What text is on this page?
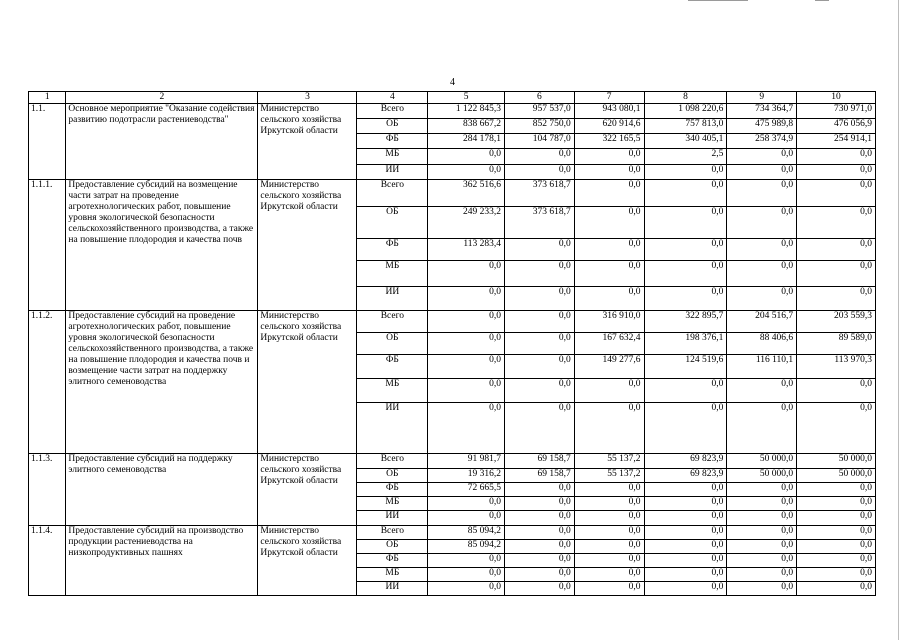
4
1	2	3	4	5	6	7	8	9	10
1.1.	Основное мероприятие "Оказание содействия развитию подотрасли растениеводства"	Министерство сельского хозяйства Иркутской области	Всего	1 122 845,3	957 537,0	943 080,1	1 098 220,6	734 364,7	730 971,0
			ОБ	838 667,2	852 750,0	620 914,6	757 813,0	475 989,8	476 056,9
			ФБ	284 178,1	104 787,0	322 165,5	340 405,1	258 374,9	254 914,1
			МБ	0,0	0,0	0,0	2,5	0,0	0,0
			ИИ	0,0	0,0	0,0	0,0	0,0	0,0
1.1.1.	Предоставление субсидий на возмещение части затрат на проведение агротехнологических работ, повышение уровня экологической безопасности сельскохозяйственного производства, а также на повышение плодородия и качества почв	Министерство сельского хозяйства Иркутской области	Всего	362 516,6	373 618,7	0,0	0,0	0,0	0,0
			ОБ	249 233,2	373 618,7	0,0	0,0	0,0	0,0
			ФБ	113 283,4	0,0	0,0	0,0	0,0	0,0
			МБ	0,0	0,0	0,0	0,0	0,0	0,0
			ИИ	0,0	0,0	0,0	0,0	0,0	0,0
1.1.2.	Предоставление субсидий на проведение агротехнологических работ, повышение уровня экологической безопасности сельскохозяйственного производства, а также на повышение плодородия и качества почв и возмещение части затрат на поддержку элитного семеноводства	Министерство сельского хозяйства Иркутской области	Всего	0,0	0,0	316 910,0	322 895,7	204 516,7	203 559,3
			ОБ	0,0	0,0	167 632,4	198 376,1	88 406,6	89 589,0
			ФБ	0,0	0,0	149 277,6	124 519,6	116 110,1	113 970,3
			МБ	0,0	0,0	0,0	0,0	0,0	0,0
			ИИ	0,0	0,0	0,0	0,0	0,0	0,0
1.1.3.	Предоставление субсидий на поддержку элитного семеноводства	Министерство сельского хозяйства Иркутской области	Всего	91 981,7	69 158,7	55 137,2	69 823,9	50 000,0	50 000,0
			ОБ	19 316,2	69 158,7	55 137,2	69 823,9	50 000,0	50 000,0
			ФБ	72 665,5	0,0	0,0	0,0	0,0	0,0
			МБ	0,0	0,0	0,0	0,0	0,0	0,0
			ИИ	0,0	0,0	0,0	0,0	0,0	0,0
1.1.4.	Предоставление субсидий на производство продукции растениеводства на низкопродуктивных пашнях	Министерство сельского хозяйства Иркутской области	Всего	85 094,2	0,0	0,0	0,0	0,0	0,0
			ОБ	85 094,2	0,0	0,0	0,0	0,0	0,0
			ФБ	0,0	0,0	0,0	0,0	0,0	0,0
			МБ	0,0	0,0	0,0	0,0	0,0	0,0
			ИИ	0,0	0,0	0,0	0,0	0,0	0,0
